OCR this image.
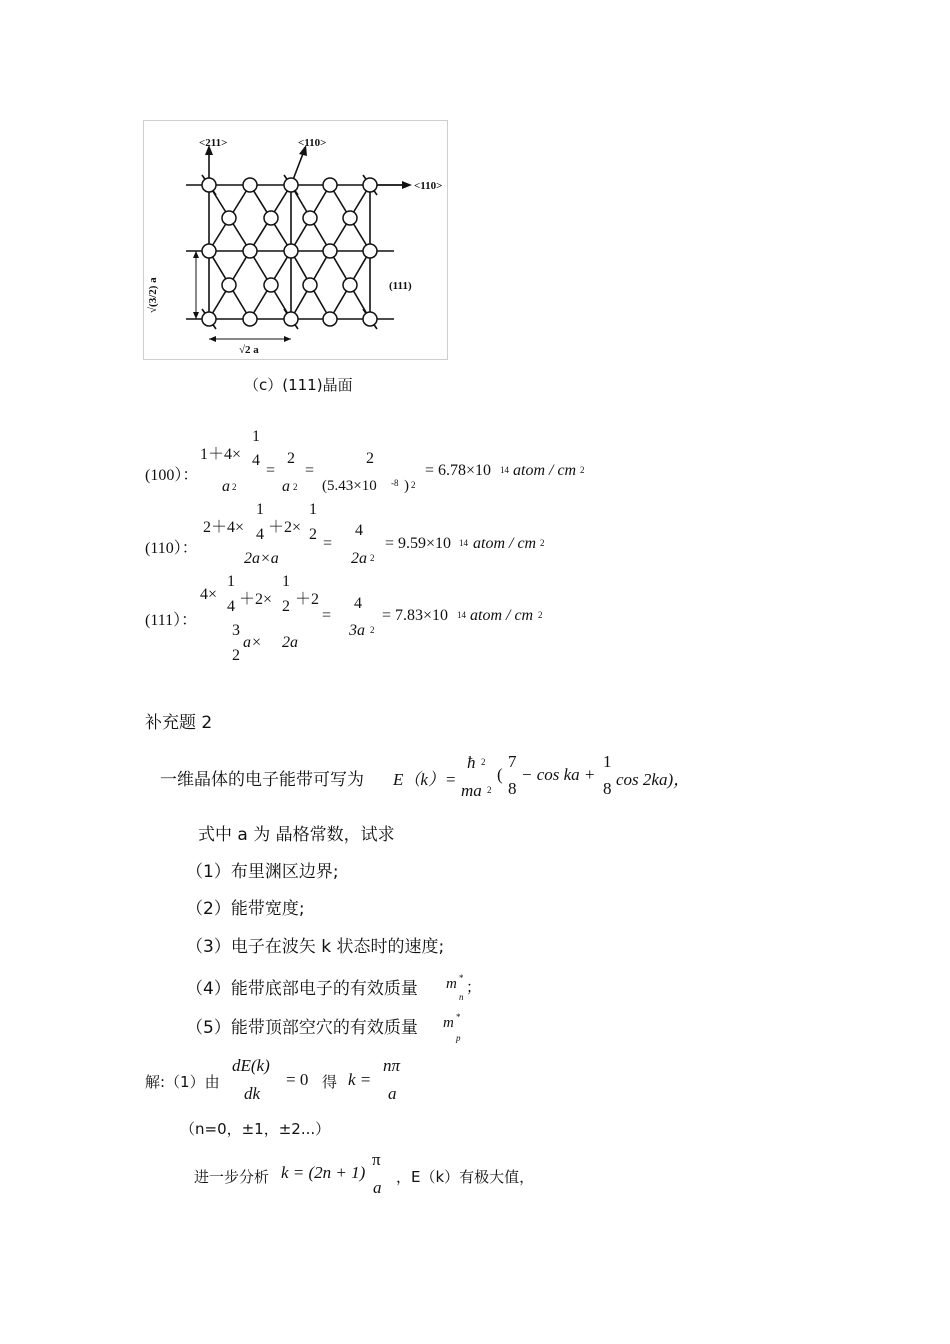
<211>	<110>
<110>
(111)
√2 a
√(3/2) a
（c）(111)晶面
(100）：
1＋4×
1
4
a 2
=
2
a 2
=
2
(5.43×10 -8 ) 2
= 6.78×10 14 atom / cm 2
(110）：
2＋4×
1
4 ＋2×
1
2
2a×a
=
4
2a 2
= 9.59×10 14 atom / cm 2
(111）：
4×
1
4 ＋2×
1
2 ＋2
3
2
a× 2a
=
4
3a 2
= 7.83×10 14 atom / cm 2
补充题 2
一维晶体的电子能带可写为 E（k）=
ħ 2
ma 2
(
7
8
− cos ka +
1
8 cos 2ka)，
式中 a 为 晶格常数，试求
（1）布里渊区边界;
（2）能带宽度;
（3）电子在波矢 k 状态时的速度;
（4）能带底部电子的有效质量 m *
n
；
（5）能带顶部空穴的有效质量 m *
p
解:（1）由
dE(k)
dk
= 0 得 k =
nπ
a
（n=0，±1，±2...）
进一步分析 k = (2n + 1)
π
a
，E（k）有极大值，
